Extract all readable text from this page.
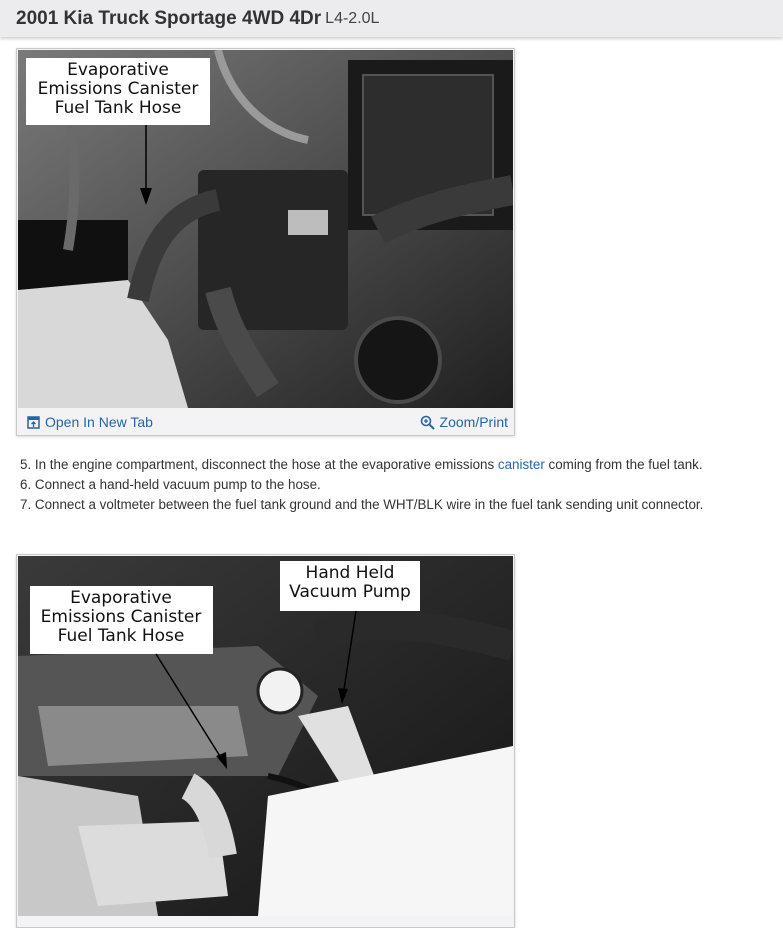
2001 Kia Truck Sportage 4WD 4Dr L4-2.0L
Evaporative
Emissions Canister
Fuel Tank Hose
Open In New Tab	Zoom/Print
5. In the engine compartment, disconnect the hose at the evaporative emissions canister coming from the fuel tank.
6. Connect a hand-held vacuum pump to the hose.
7. Connect a voltmeter between the fuel tank ground and the WHT/BLK wire in the fuel tank sending unit connector.
Evaporative
Emissions Canister
Fuel Tank Hose
Hand Held
Vacuum Pump
